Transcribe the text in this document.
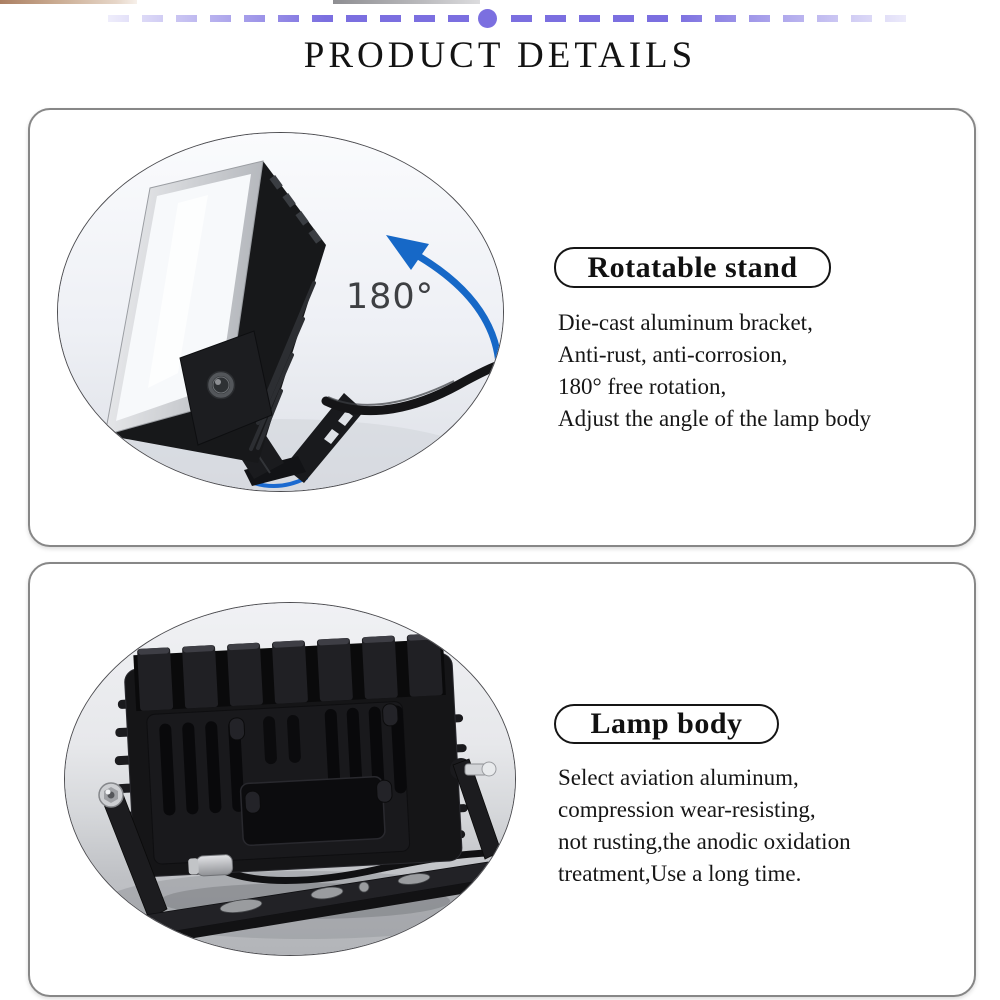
PRODUCT DETAILS
180°
Rotatable stand

Die-cast aluminum bracket,

Anti-rust, anti-corrosion,

180° free rotation,

Adjust the angle of the lamp body

Lamp body

Select aviation aluminum,

compression wear-resisting,

not rusting,the anodic oxidation

treatment,Use a long time.
